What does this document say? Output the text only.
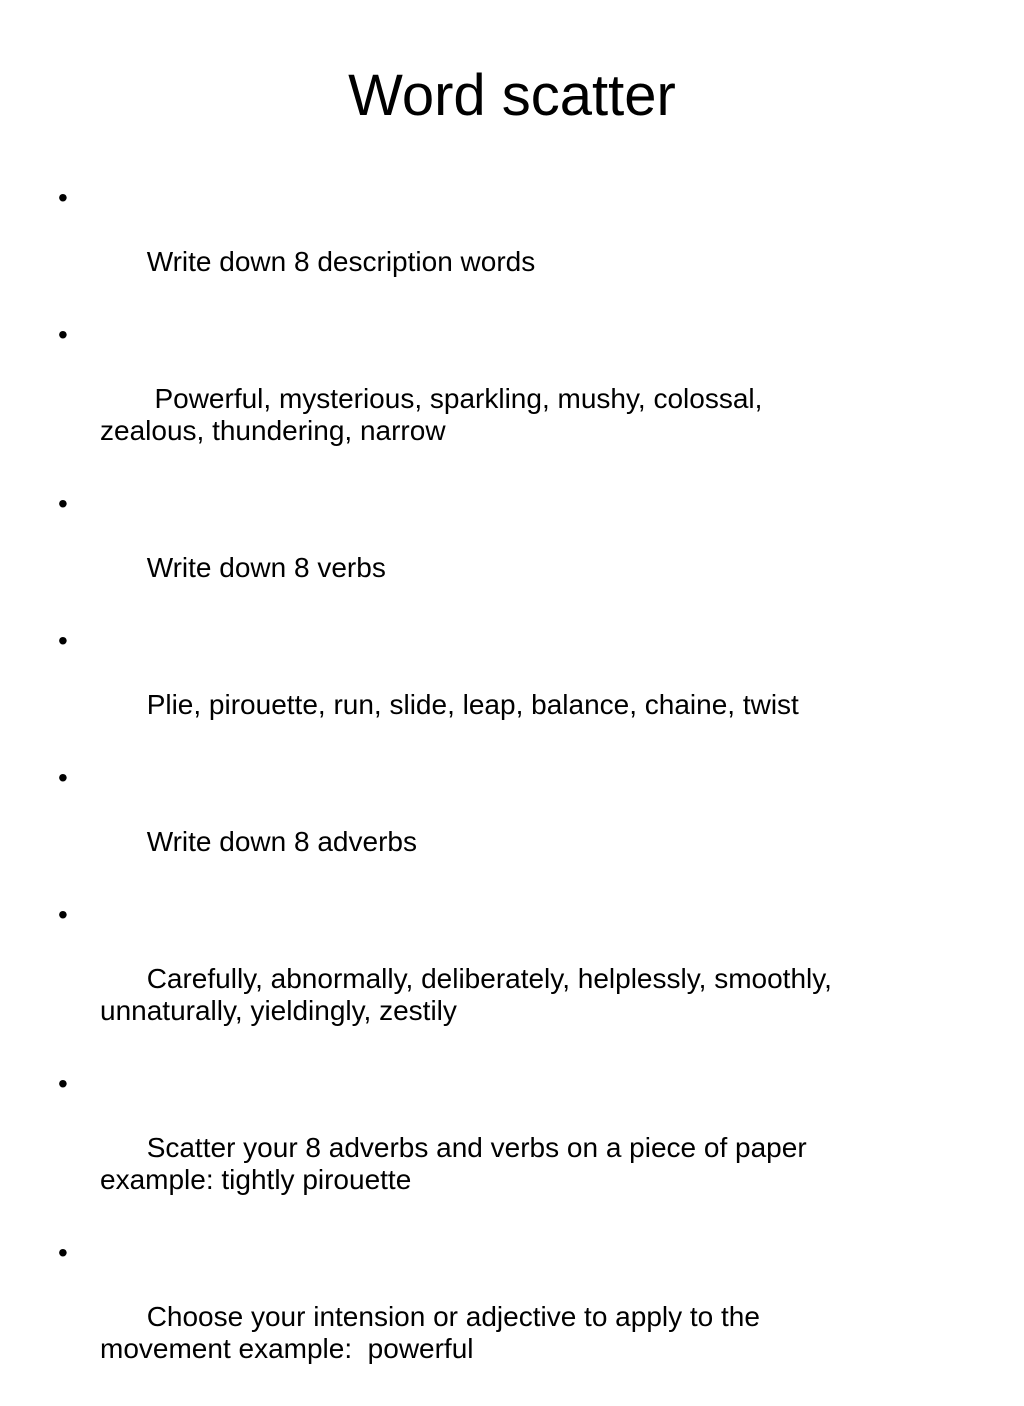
Word scatter

•

Write down 8 description words

•

Powerful, mysterious, sparkling, mushy, colossal,
zealous, thundering, narrow

•

Write down 8 verbs

•

Plie, pirouette, run, slide, leap, balance, chaine, twist

•

Write down 8 adverbs

•

Carefully, abnormally, deliberately, helplessly, smoothly,
unnaturally, yieldingly, zestily

•

Scatter your 8 adverbs and verbs on a piece of paper
example: tightly pirouette

•

Choose your intension or adjective to apply to the
movement example:  powerful
